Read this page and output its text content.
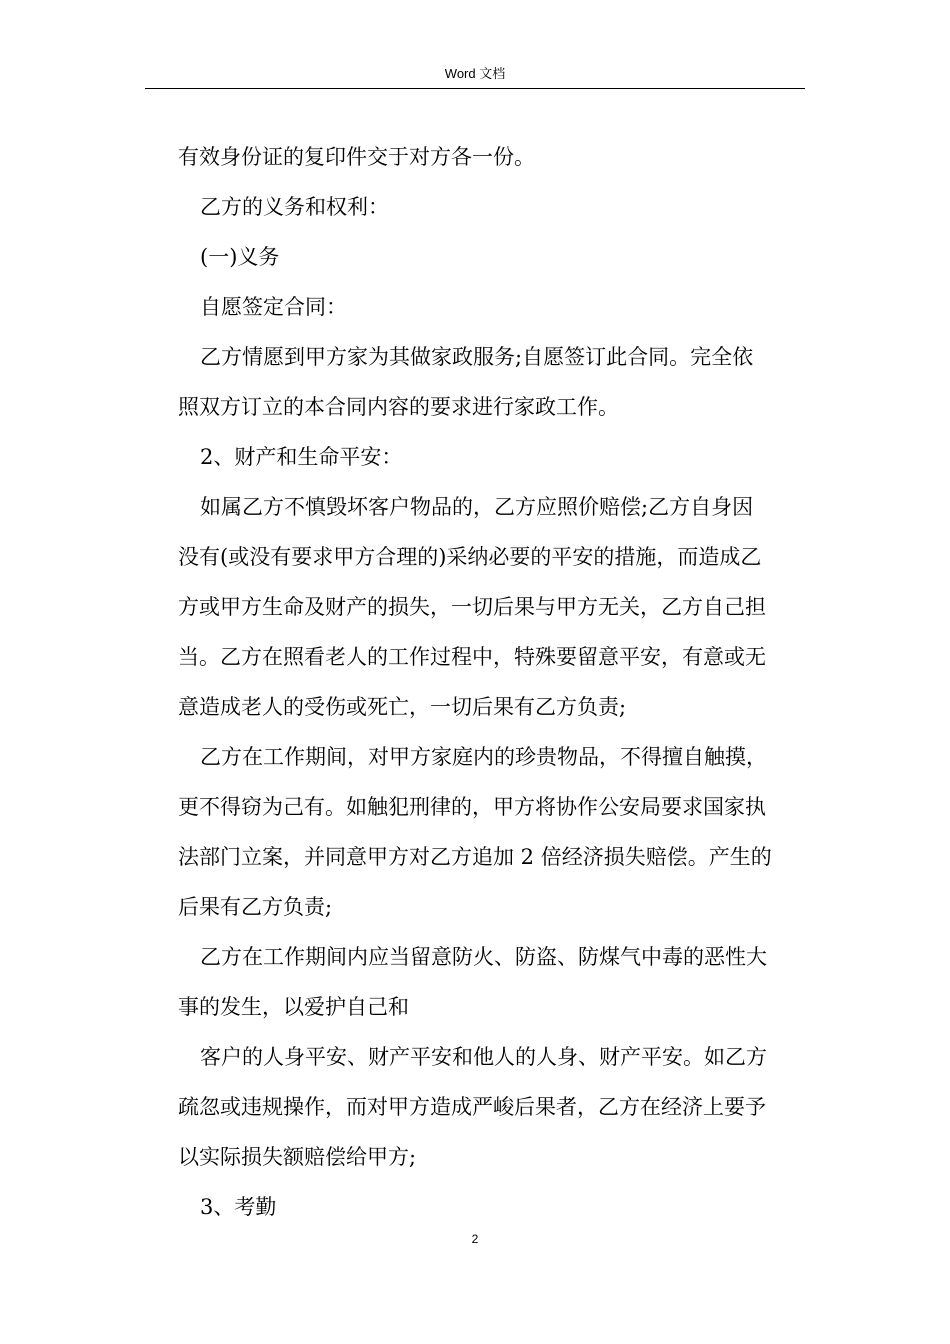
Word 文档
有效身份证的复印件交于对方各一份。
乙方的义务和权利：
(一)义务
自愿签定合同：
乙方情愿到甲方家为其做家政服务;自愿签订此合同。完全依
照双方订立的本合同内容的要求进行家政工作。
2、财产和生命平安：
如属乙方不慎毁坏客户物品的，乙方应照价赔偿;乙方自身因
没有(或没有要求甲方合理的)采纳必要的平安的措施，而造成乙
方或甲方生命及财产的损失，一切后果与甲方无关，乙方自己担
当。乙方在照看老人的工作过程中，特殊要留意平安，有意或无
意造成老人的受伤或死亡，一切后果有乙方负责;
乙方在工作期间，对甲方家庭内的珍贵物品，不得擅自触摸，
更不得窃为己有。如触犯刑律的，甲方将协作公安局要求国家执
法部门立案，并同意甲方对乙方追加 2 倍经济损失赔偿。产生的
后果有乙方负责;
乙方在工作期间内应当留意防火、防盗、防煤气中毒的恶性大
事的发生，以爱护自己和
客户的人身平安、财产平安和他人的人身、财产平安。如乙方
疏忽或违规操作，而对甲方造成严峻后果者，乙方在经济上要予
以实际损失额赔偿给甲方;
3、考勤
2
